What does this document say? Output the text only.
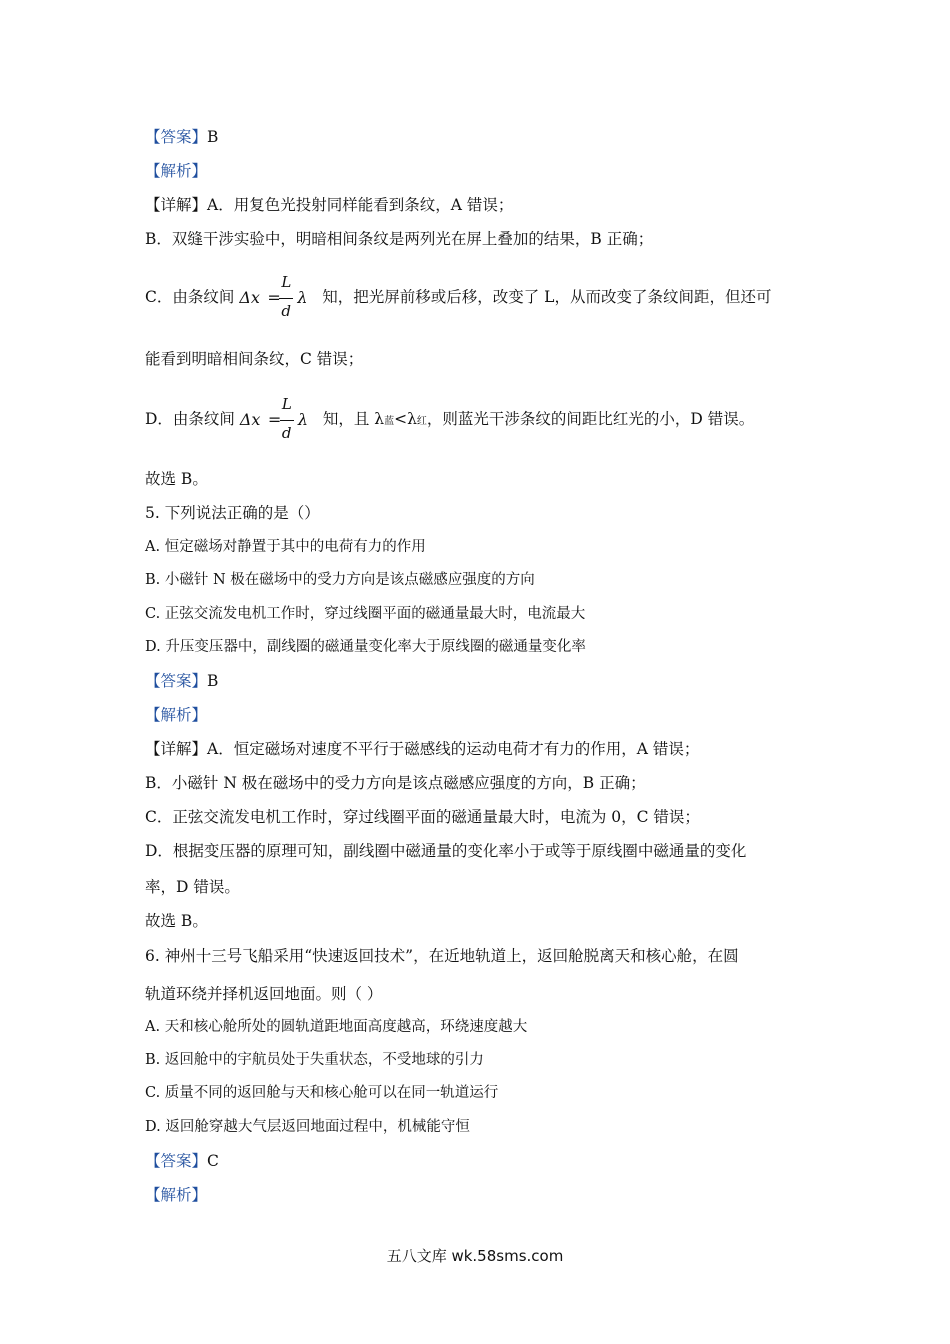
【答案】B
【解析】
【详解】A．用复色光投射同样能看到条纹，A 错误；
B．双缝干涉实验中，明暗相间条纹是两列光在屏上叠加的结果，B 正确；
C．由条纹间 Δx =
L
d
λ 知，把光屏前移或后移，改变了 L，从而改变了条纹间距，但还可
能看到明暗相间条纹，C 错误；
D．由条纹间 Δx =
L
d
λ 知，且 λ蓝<λ红，则蓝光干涉条纹的间距比红光的小，D 错误。
故选 B。
5. 下列说法正确的是（）
A. 恒定磁场对静置于其中的电荷有力的作用
B. 小磁针 N 极在磁场中的受力方向是该点磁感应强度的方向
C. 正弦交流发电机工作时，穿过线圈平面的磁通量最大时，电流最大
D. 升压变压器中，副线圈的磁通量变化率大于原线圈的磁通量变化率
【答案】B
【解析】
【详解】A．恒定磁场对速度不平行于磁感线的运动电荷才有力的作用，A 错误；
B．小磁针 N 极在磁场中的受力方向是该点磁感应强度的方向，B 正确；
C．正弦交流发电机工作时，穿过线圈平面的磁通量最大时，电流为 0，C 错误；
D．根据变压器的原理可知，副线圈中磁通量的变化率小于或等于原线圈中磁通量的变化
率，D 错误。
故选 B。
6. 神州十三号飞船采用“快速返回技术”，在近地轨道上，返回舱脱离天和核心舱，在圆
轨道环绕并择机返回地面。则（ ）
A. 天和核心舱所处的圆轨道距地面高度越高，环绕速度越大
B. 返回舱中的宇航员处于失重状态，不受地球的引力
C. 质量不同的返回舱与天和核心舱可以在同一轨道运行
D. 返回舱穿越大气层返回地面过程中，机械能守恒
【答案】C
【解析】
五八文库 wk.58sms.com
